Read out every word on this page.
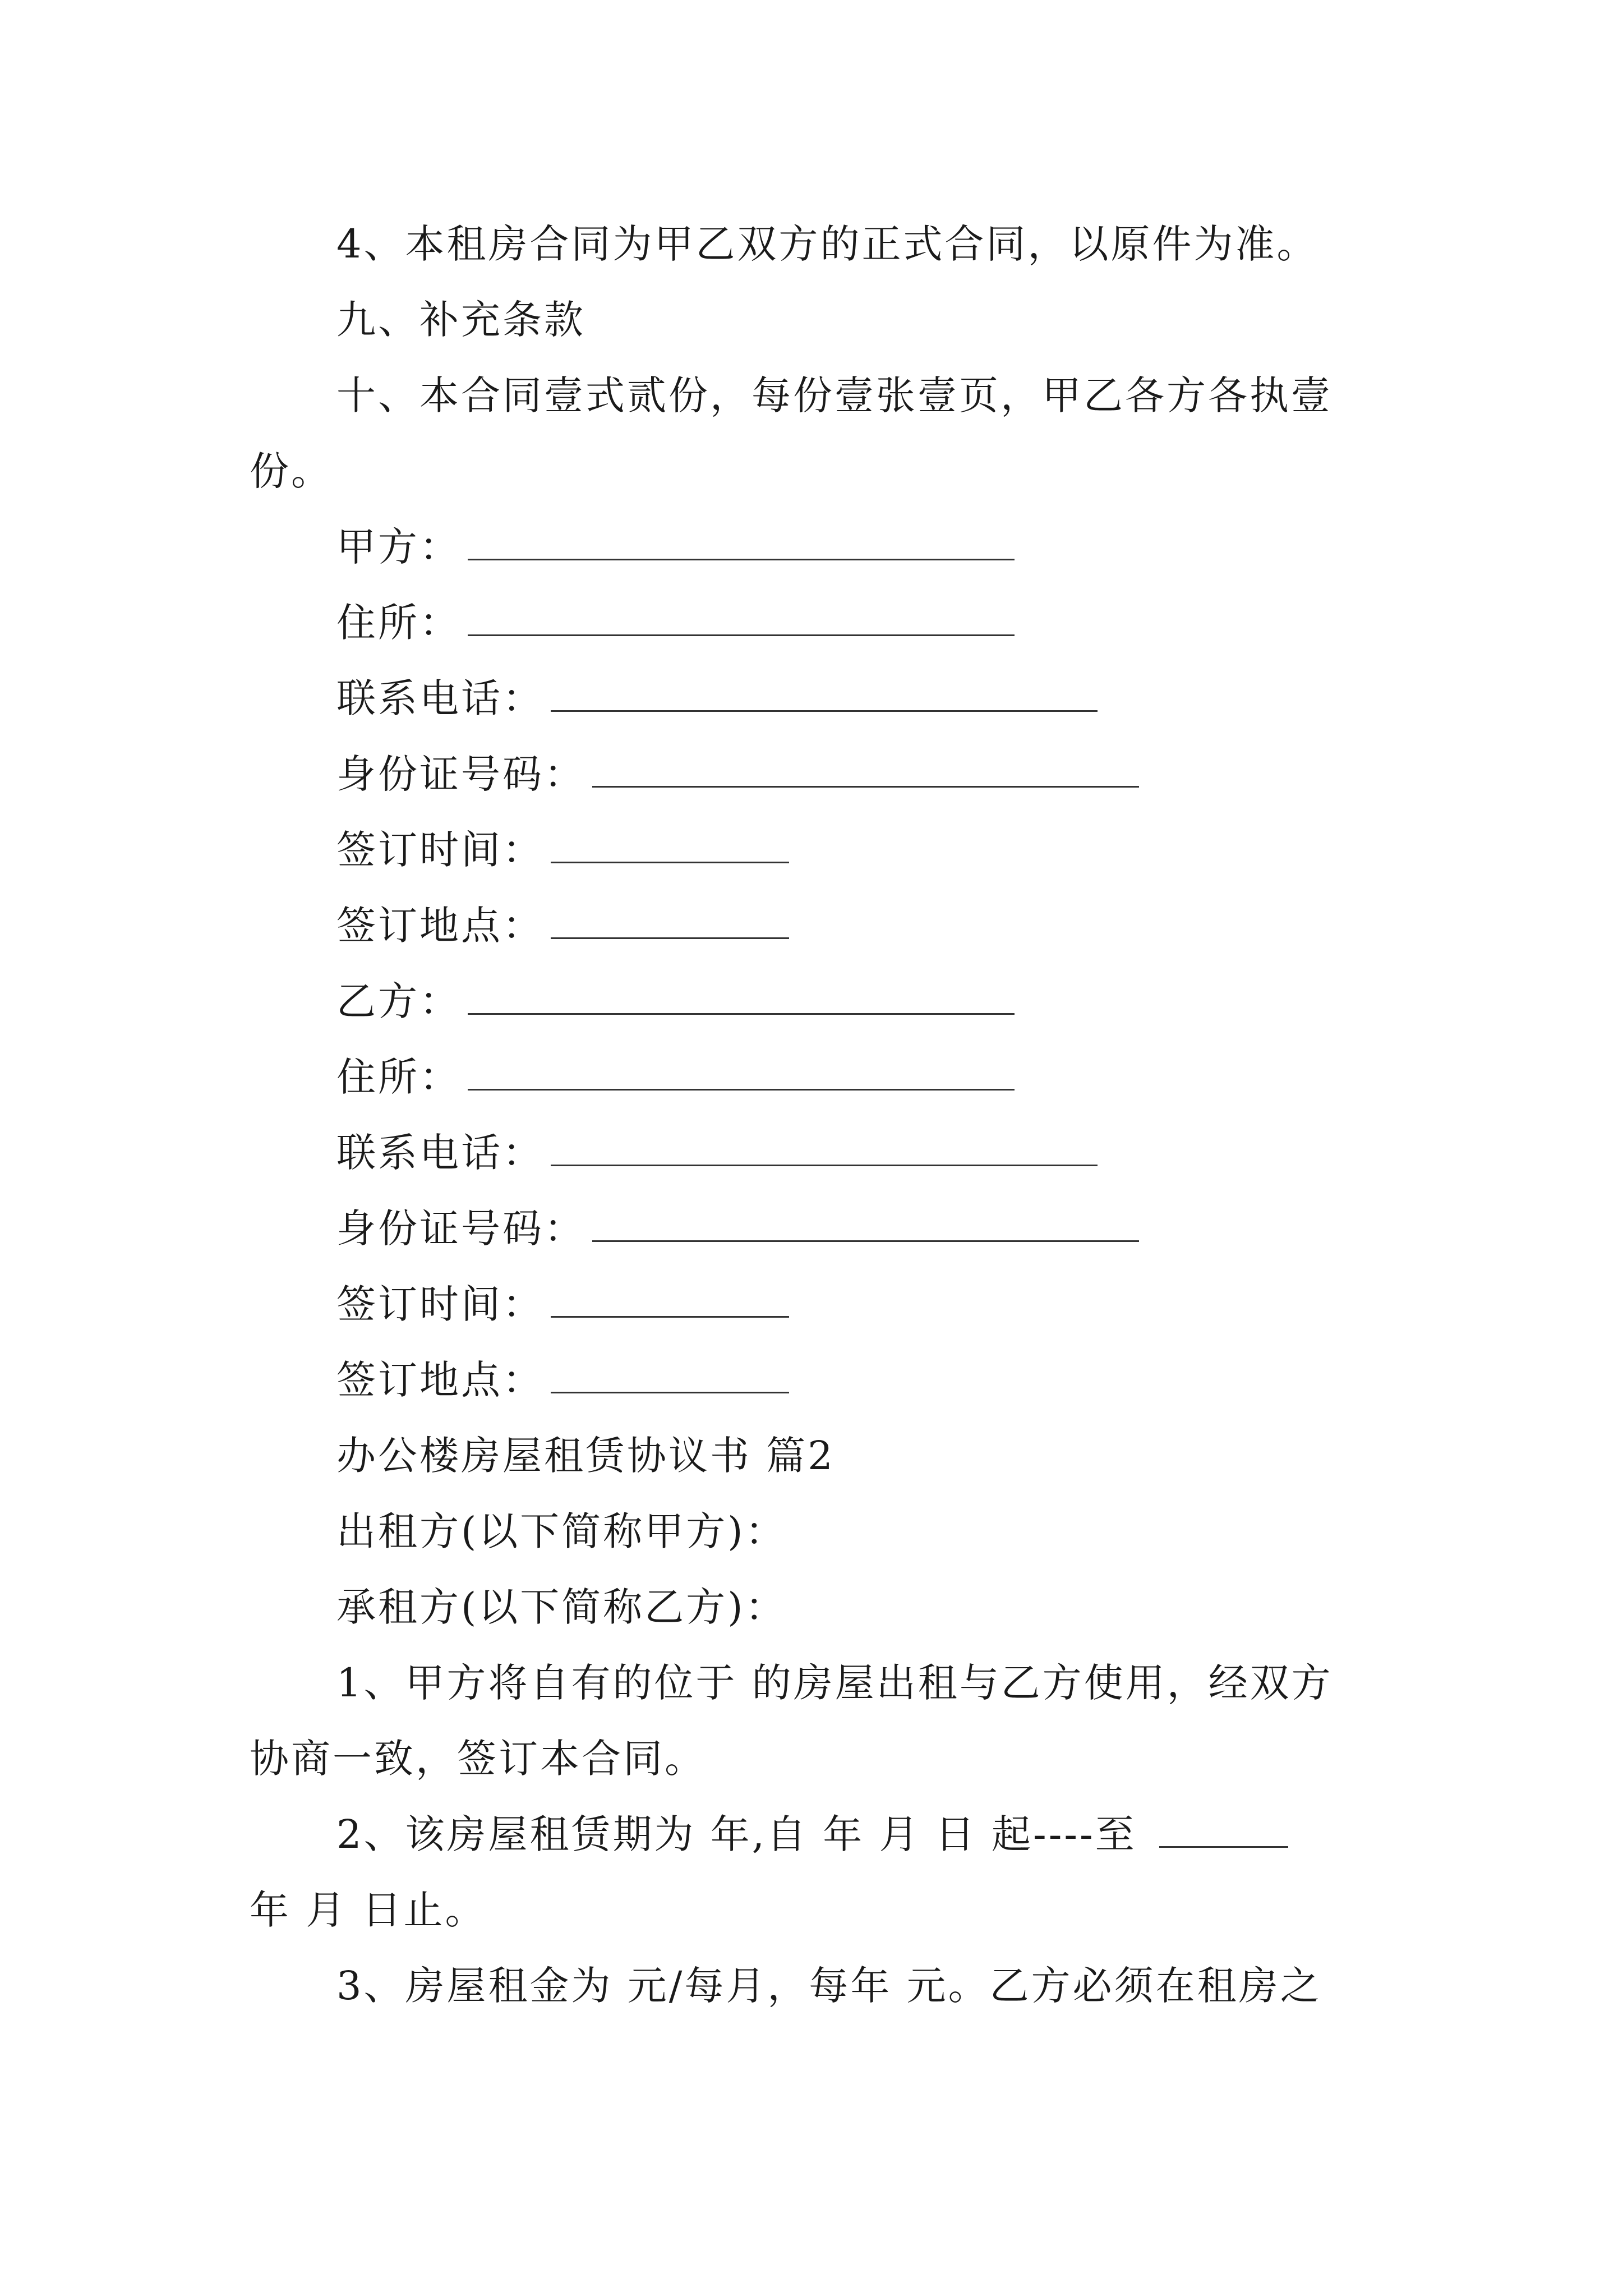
4、本租房合同为甲乙双方的正式合同，以原件为准。
九、补充条款
十、本合同壹式贰份，每份壹张壹页，甲乙各方各执壹
份。
甲方：
住所：
联系电话：
身份证号码：
签订时间：
签订地点：
乙方：
住所：
联系电话：
身份证号码：
签订时间：
签订地点：
办公楼房屋租赁协议书 篇2
出租方(以下简称甲方)：
承租方(以下简称乙方)：
1、甲方将自有的位于 的房屋出租与乙方使用，经双方
协商一致，签订本合同。
2、该房屋租赁期为 年,自 年 月 日 起----至
年 月 日止。
3、房屋租金为 元/每月，每年 元。乙方必须在租房之
